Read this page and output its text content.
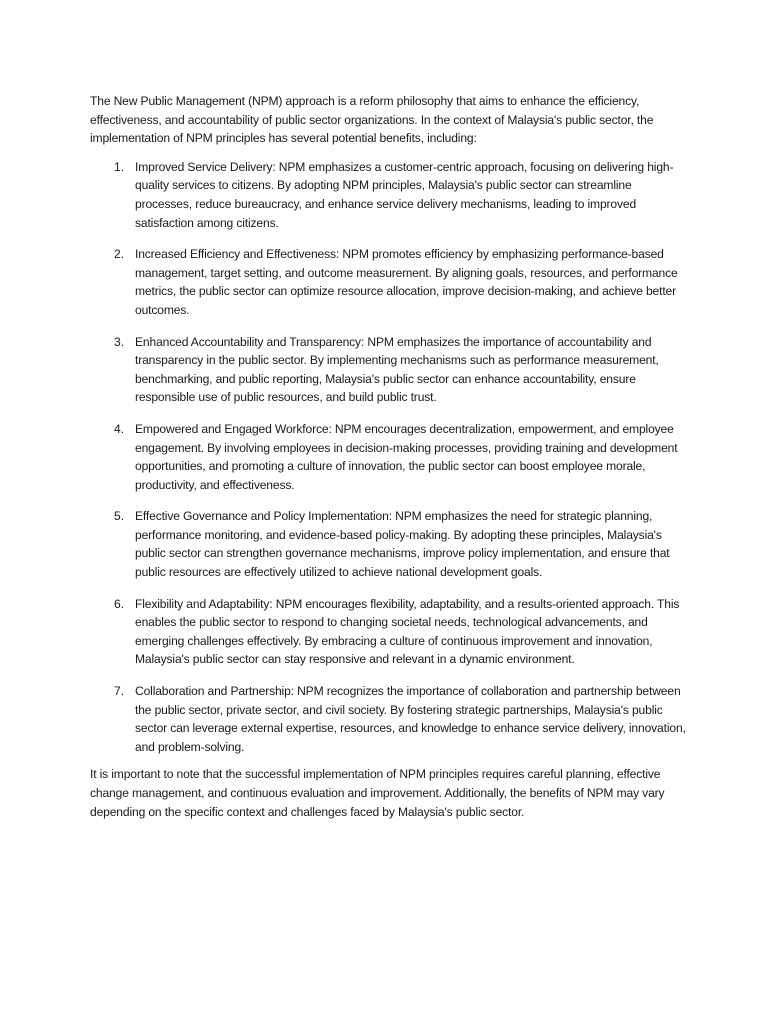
The New Public Management (NPM) approach is a reform philosophy that aims to enhance the efficiency, effectiveness, and accountability of public sector organizations. In the context of Malaysia's public sector, the implementation of NPM principles has several potential benefits, including:

1. Improved Service Delivery: NPM emphasizes a customer-centric approach, focusing on delivering high-quality services to citizens. By adopting NPM principles, Malaysia's public sector can streamline processes, reduce bureaucracy, and enhance service delivery mechanisms, leading to improved satisfaction among citizens.
2. Increased Efficiency and Effectiveness: NPM promotes efficiency by emphasizing performance-based management, target setting, and outcome measurement. By aligning goals, resources, and performance metrics, the public sector can optimize resource allocation, improve decision-making, and achieve better outcomes.
3. Enhanced Accountability and Transparency: NPM emphasizes the importance of accountability and transparency in the public sector. By implementing mechanisms such as performance measurement, benchmarking, and public reporting, Malaysia's public sector can enhance accountability, ensure responsible use of public resources, and build public trust.
4. Empowered and Engaged Workforce: NPM encourages decentralization, empowerment, and employee engagement. By involving employees in decision-making processes, providing training and development opportunities, and promoting a culture of innovation, the public sector can boost employee morale, productivity, and effectiveness.
5. Effective Governance and Policy Implementation: NPM emphasizes the need for strategic planning, performance monitoring, and evidence-based policy-making. By adopting these principles, Malaysia's public sector can strengthen governance mechanisms, improve policy implementation, and ensure that public resources are effectively utilized to achieve national development goals.
6. Flexibility and Adaptability: NPM encourages flexibility, adaptability, and a results-oriented approach. This enables the public sector to respond to changing societal needs, technological advancements, and emerging challenges effectively. By embracing a culture of continuous improvement and innovation, Malaysia's public sector can stay responsive and relevant in a dynamic environment.
7. Collaboration and Partnership: NPM recognizes the importance of collaboration and partnership between the public sector, private sector, and civil society. By fostering strategic partnerships, Malaysia's public sector can leverage external expertise, resources, and knowledge to enhance service delivery, innovation, and problem-solving.

It is important to note that the successful implementation of NPM principles requires careful planning, effective change management, and continuous evaluation and improvement. Additionally, the benefits of NPM may vary depending on the specific context and challenges faced by Malaysia's public sector.
